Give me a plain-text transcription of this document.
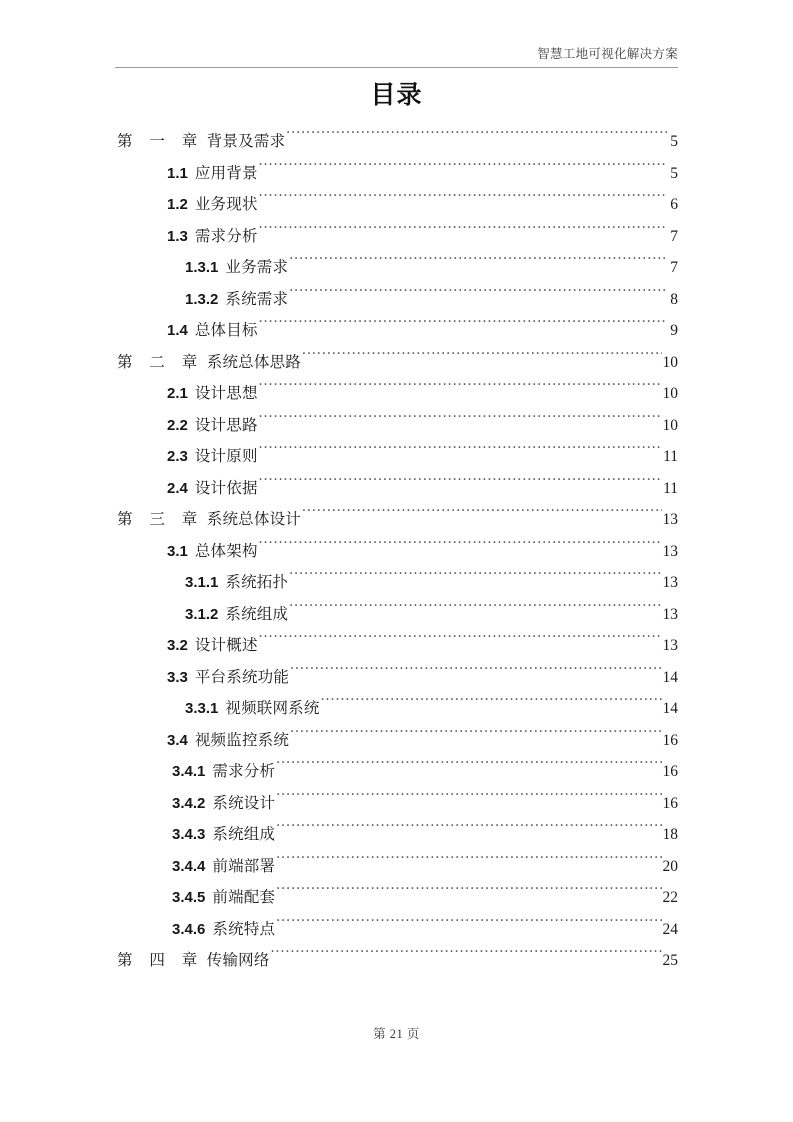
智慧工地可视化解决方案
目录
第 一 章 背景及需求 .....	5
1.1 应用背景 .....	5
1.2 业务现状 .....	6
1.3 需求分析 .....	7
1.3.1 业务需求 .....	7
1.3.2 系统需求 .....	8
1.4 总体目标 .....	9
第 二 章 系统总体思路 .....	10
2.1 设计思想 .....	10
2.2 设计思路 .....	10
2.3 设计原则 .....	11
2.4 设计依据 .....	11
第 三 章 系统总体设计 .....	13
3.1 总体架构 .....	13
3.1.1 系统拓扑 .....	13
3.1.2 系统组成 .....	13
3.2 设计概述 .....	13
3.3 平台系统功能 .....	14
3.3.1 视频联网系统 .....	14
3.4 视频监控系统 .....	16
3.4.1 需求分析 .....	16
3.4.2 系统设计 .....	16
3.4.3 系统组成 .....	18
3.4.4 前端部署 .....	20
3.4.5 前端配套 .....	22
3.4.6 系统特点 .....	24
第 四 章 传输网络 .....	25
第 21 页
